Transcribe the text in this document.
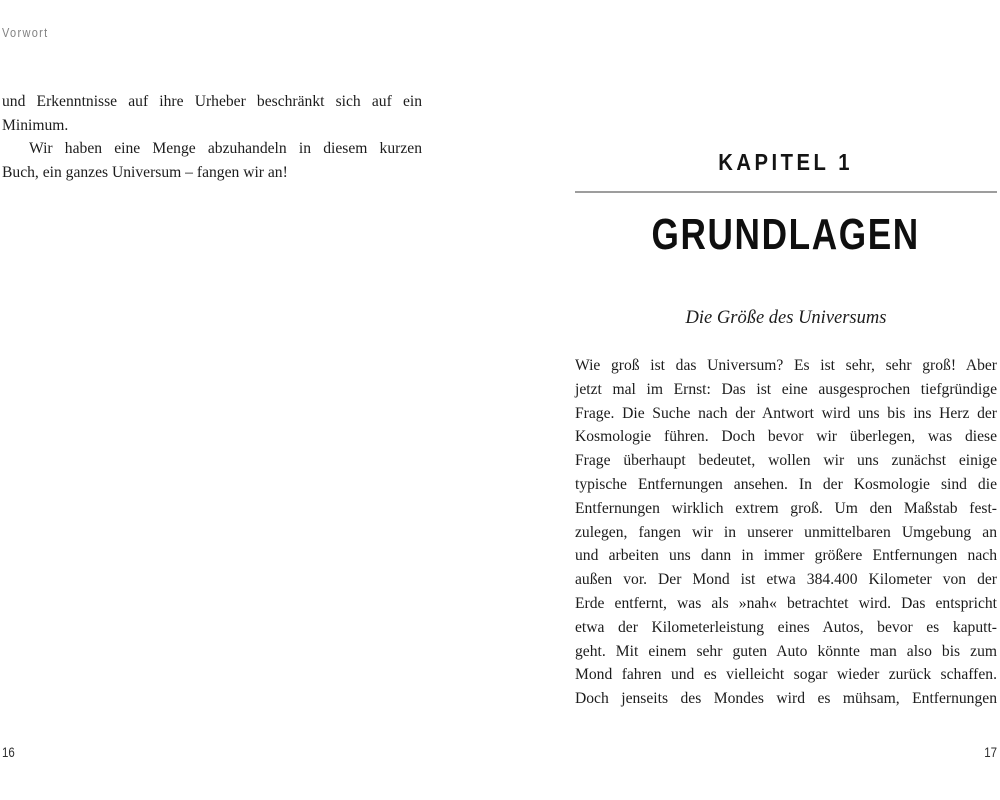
Vorwort
und Erkenntnisse auf ihre Urheber beschränkt sich auf ein
Minimum.
Wir haben eine Menge abzuhandeln in diesem kurzen
Buch, ein ganzes Universum – fangen wir an!
16
KAPITEL 1
GRUNDLAGEN
Die Größe des Universums
Wie groß ist das Universum? Es ist sehr, sehr groß! Aber
jetzt mal im Ernst: Das ist eine ausgesprochen tiefgründige
Frage. Die Suche nach der Antwort wird uns bis ins Herz der
Kosmologie führen. Doch bevor wir überlegen, was diese
Frage überhaupt bedeutet, wollen wir uns zunächst einige
typische Entfernungen ansehen. In der Kosmologie sind die
Entfernungen wirklich extrem groß. Um den Maßstab fest-
zulegen, fangen wir in unserer unmittelbaren Umgebung an
und arbeiten uns dann in immer größere Entfernungen nach
außen vor. Der Mond ist etwa 384.400 Kilometer von der
Erde entfernt, was als »nah« betrachtet wird. Das entspricht
etwa der Kilometerleistung eines Autos, bevor es kaputt-
geht. Mit einem sehr guten Auto könnte man also bis zum
Mond fahren und es vielleicht sogar wieder zurück schaffen.
Doch jenseits des Mondes wird es mühsam, Entfernungen
17
